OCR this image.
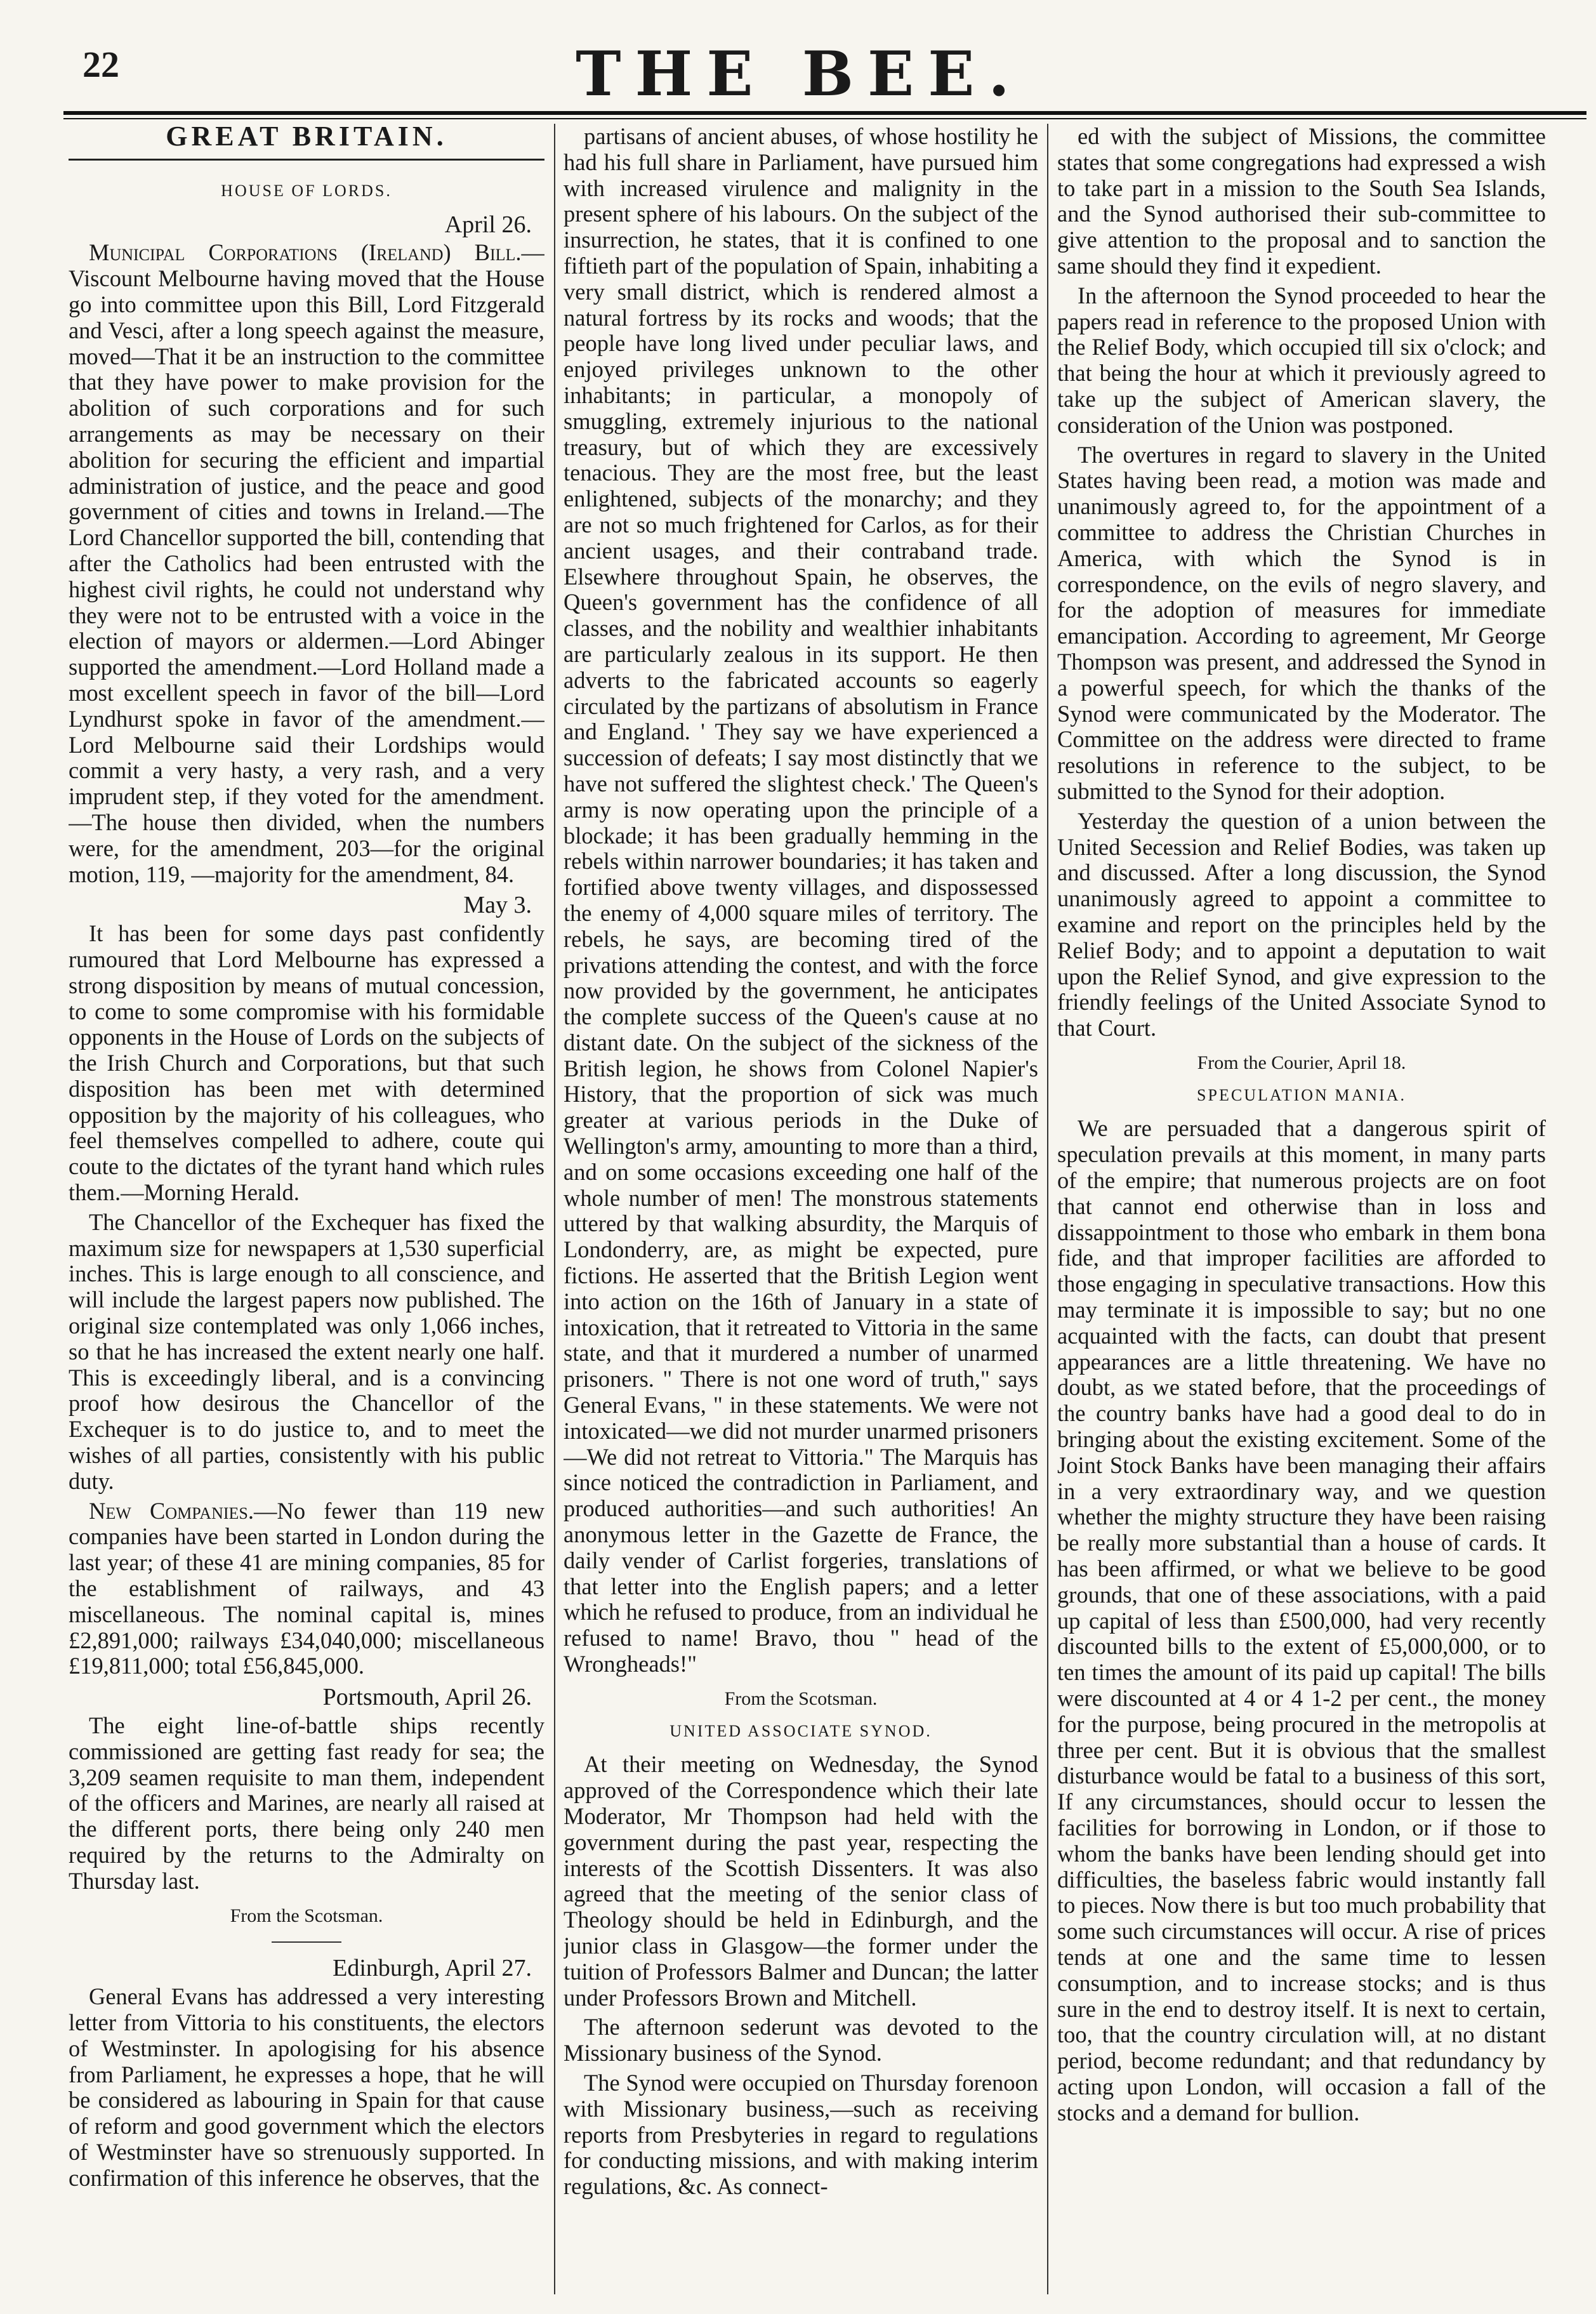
22	THE BEE.
GREAT BRITAIN.
HOUSE OF LORDS.
April 26.

Municipal Corporations (Ireland) Bill.—Viscount Melbourne having moved that the House go into committee upon this Bill, Lord Fitzgerald and Vesci, after a long speech against the measure, moved—That it be an instruction to the committee that they have power to make provision for the abolition of such corporations and for such arrangements as may be necessary on their abolition for securing the efficient and impartial administration of justice, and the peace and good government of cities and towns in Ireland.—The Lord Chancellor supported the bill, contending that after the Catholics had been entrusted with the highest civil rights, he could not understand why they were not to be entrusted with a voice in the election of mayors or aldermen.—Lord Abinger supported the amendment.—Lord Holland made a most excellent speech in favor of the bill—Lord Lyndhurst spoke in favor of the amendment.—Lord Melbourne said their Lordships would commit a very hasty, a very rash, and a very imprudent step, if they voted for the amendment.—The house then divided, when the numbers were, for the amendment, 203—for the original motion, 119, —majority for the amendment, 84.

May 3.

It has been for some days past confidently rumoured that Lord Melbourne has expressed a strong disposition by means of mutual concession, to come to some compromise with his formidable opponents in the House of Lords on the subjects of the Irish Church and Corporations, but that such disposition has been met with determined opposition by the majority of his colleagues, who feel themselves compelled to adhere, coute qui coute to the dictates of the tyrant hand which rules them.—Morning Herald.

The Chancellor of the Exchequer has fixed the maximum size for newspapers at 1,530 superficial inches. This is large enough to all conscience, and will include the largest papers now published. The original size contemplated was only 1,066 inches, so that he has increased the extent nearly one half. This is exceedingly liberal, and is a convincing proof how desirous the Chancellor of the Exchequer is to do justice to, and to meet the wishes of all parties, consistently with his public duty.

New Companies.—No fewer than 119 new companies have been started in London during the last year; of these 41 are mining companies, 85 for the establishment of railways, and 43 miscellaneous. The nominal capital is, mines £2,891,000; railways £34,040,000; miscellaneous £19,811,000; total £56,845,000.

Portsmouth, April 26.

The eight line-of-battle ships recently commissioned are getting fast ready for sea; the 3,209 seamen requisite to man them, independent of the officers and Marines, are nearly all raised at the different ports, there being only 240 men required by the returns to the Admiralty on Thursday last.

From the Scotsman.
Edinburgh, April 27.

General Evans has addressed a very interesting letter from Vittoria to his constituents, the electors of Westminster. In apologising for his absence from Parliament, he expresses a hope, that he will be considered as labouring in Spain for that cause of reform and good government which the electors of Westminster have so strenuously supported. In confirmation of this inference he observes, that the

partisans of ancient abuses, of whose hostility he had his full share in Parliament, have pursued him with increased virulence and malignity in the present sphere of his labours. On the subject of the insurrection, he states, that it is confined to one fiftieth part of the population of Spain, inhabiting a very small district, which is rendered almost a natural fortress by its rocks and woods; that the people have long lived under peculiar laws, and enjoyed privileges unknown to the other inhabitants; in particular, a monopoly of smuggling, extremely injurious to the national treasury, but of which they are excessively tenacious. They are the most free, but the least enlightened, subjects of the monarchy; and they are not so much frightened for Carlos, as for their ancient usages, and their contraband trade. Elsewhere throughout Spain, he observes, the Queen's government has the confidence of all classes, and the nobility and wealthier inhabitants are particularly zealous in its support. He then adverts to the fabricated accounts so eagerly circulated by the partizans of absolutism in France and England. ' They say we have experienced a succession of defeats; I say most distinctly that we have not suffered the slightest check.' The Queen's army is now operating upon the principle of a blockade; it has been gradually hemming in the rebels within narrower boundaries; it has taken and fortified above twenty villages, and dispossessed the enemy of 4,000 square miles of territory. The rebels, he says, are becoming tired of the privations attending the contest, and with the force now provided by the government, he anticipates the complete success of the Queen's cause at no distant date. On the subject of the sickness of the British legion, he shows from Colonel Napier's History, that the proportion of sick was much greater at various periods in the Duke of Wellington's army, amounting to more than a third, and on some occasions exceeding one half of the whole number of men! The monstrous statements uttered by that walking absurdity, the Marquis of Londonderry, are, as might be expected, pure fictions. He asserted that the British Legion went into action on the 16th of January in a state of intoxication, that it retreated to Vittoria in the same state, and that it murdered a number of unarmed prisoners. " There is not one word of truth," says General Evans, " in these statements. We were not intoxicated—we did not murder unarmed prisoners —We did not retreat to Vittoria." The Marquis has since noticed the contradiction in Parliament, and produced authorities—and such authorities! An anonymous letter in the Gazette de France, the daily vender of Carlist forgeries, translations of that letter into the English papers; and a letter which he refused to produce, from an individual he refused to name! Bravo, thou " head of the Wrongheads!"

From the Scotsman.
UNITED ASSOCIATE SYNOD.

At their meeting on Wednesday, the Synod approved of the Correspondence which their late Moderator, Mr Thompson had held with the government during the past year, respecting the interests of the Scottish Dissenters. It was also agreed that the meeting of the senior class of Theology should be held in Edinburgh, and the junior class in Glasgow—the former under the tuition of Professors Balmer and Duncan; the latter under Professors Brown and Mitchell.

The afternoon sederunt was devoted to the Missionary business of the Synod.

The Synod were occupied on Thursday forenoon with Missionary business,—such as receiving reports from Presbyteries in regard to regulations for conducting missions, and with making interim regulations, &c. As connect-

ed with the subject of Missions, the committee states that some congregations had expressed a wish to take part in a mission to the South Sea Islands, and the Synod authorised their sub-committee to give attention to the proposal and to sanction the same should they find it expedient.

In the afternoon the Synod proceeded to hear the papers read in reference to the proposed Union with the Relief Body, which occupied till six o'clock; and that being the hour at which it previously agreed to take up the subject of American slavery, the consideration of the Union was postponed.

The overtures in regard to slavery in the United States having been read, a motion was made and unanimously agreed to, for the appointment of a committee to address the Christian Churches in America, with which the Synod is in correspondence, on the evils of negro slavery, and for the adoption of measures for immediate emancipation. According to agreement, Mr George Thompson was present, and addressed the Synod in a powerful speech, for which the thanks of the Synod were communicated by the Moderator. The Committee on the address were directed to frame resolutions in reference to the subject, to be submitted to the Synod for their adoption.

Yesterday the question of a union between the United Secession and Relief Bodies, was taken up and discussed. After a long discussion, the Synod unanimously agreed to appoint a committee to examine and report on the principles held by the Relief Body; and to appoint a deputation to wait upon the Relief Synod, and give expression to the friendly feelings of the United Associate Synod to that Court.

From the Courier, April 18.
SPECULATION MANIA.

We are persuaded that a dangerous spirit of speculation prevails at this moment, in many parts of the empire; that numerous projects are on foot that cannot end otherwise than in loss and dissappointment to those who embark in them bona fide, and that improper facilities are afforded to those engaging in speculative transactions. How this may terminate it is impossible to say; but no one acquainted with the facts, can doubt that present appearances are a little threatening. We have no doubt, as we stated before, that the proceedings of the country banks have had a good deal to do in bringing about the existing excitement. Some of the Joint Stock Banks have been managing their affairs in a very extraordinary way, and we question whether the mighty structure they have been raising be really more substantial than a house of cards. It has been affirmed, or what we believe to be good grounds, that one of these associations, with a paid up capital of less than £500,000, had very recently discounted bills to the extent of £5,000,000, or to ten times the amount of its paid up capital! The bills were discounted at 4 or 4 1-2 per cent., the money for the purpose, being procured in the metropolis at three per cent. But it is obvious that the smallest disturbance would be fatal to a business of this sort, If any circumstances, should occur to lessen the facilities for borrowing in London, or if those to whom the banks have been lending should get into difficulties, the baseless fabric would instantly fall to pieces. Now there is but too much probability that some such circumstances will occur. A rise of prices tends at one and the same time to lessen consumption, and to increase stocks; and is thus sure in the end to destroy itself. It is next to certain, too, that the country circulation will, at no distant period, become redundant; and that redundancy by acting upon London, will occasion a fall of the stocks and a demand for bullion.
